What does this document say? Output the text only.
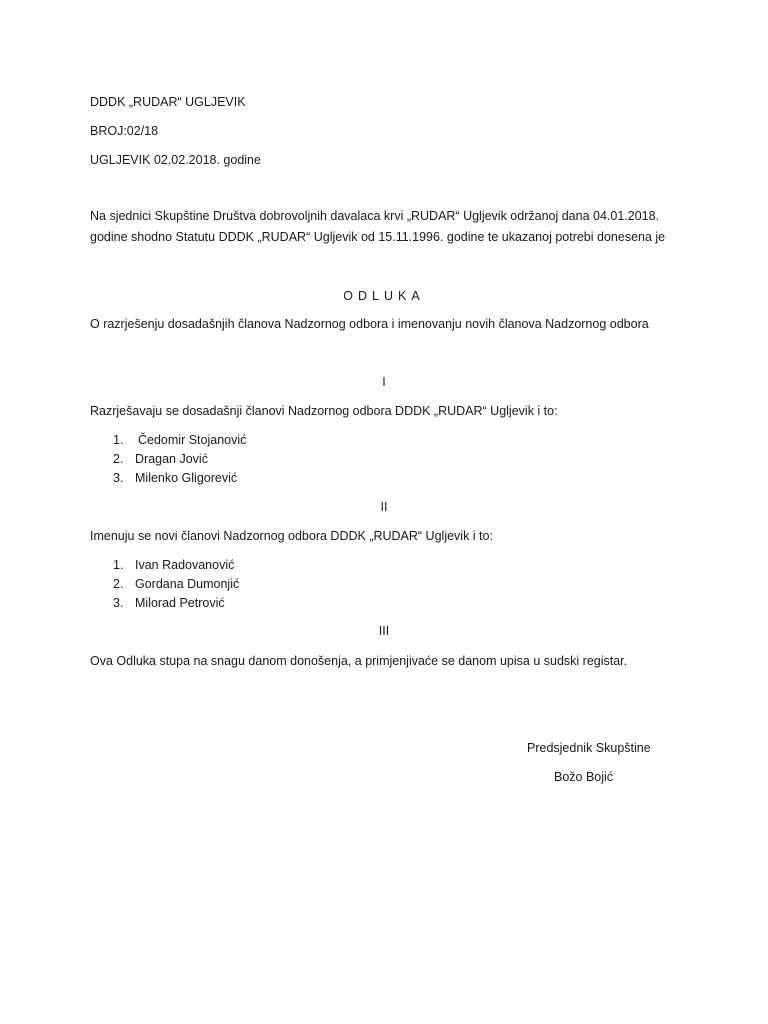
DDDK „RUDAR“ UGLJEVIK
BROJ:02/18
UGLJEVIK 02.02.2018. godine
Na sjednici Skupštine Društva dobrovoljnih davalaca krvi „RUDAR“ Ugljevik održanoj dana 04.01.2018.
godine shodno Statutu DDDK „RUDAR“ Ugljevik od 15.11.1996. godine te ukazanoj potrebi donesena je
ODLUKA
O razrješenju dosadašnjih članova Nadzornog odbora i imenovanju novih članova Nadzornog odbora
I
Razrješavaju se dosadašnji članovi Nadzornog odbora DDDK „RUDAR“ Ugljevik i to:
1. Čedomir Stojanović
2. Dragan Jović
3. Milenko Gligorević
II
Imenuju se novi članovi Nadzornog odbora DDDK „RUDAR“ Ugljevik i to:
1. Ivan Radovanović
2. Gordana Dumonjić
3. Milorad Petrović
III
Ova Odluka stupa na snagu danom donošenja, a primjenjivaće se danom upisa u sudski registar.
Predsjednik Skupštine
Božo Bojić
